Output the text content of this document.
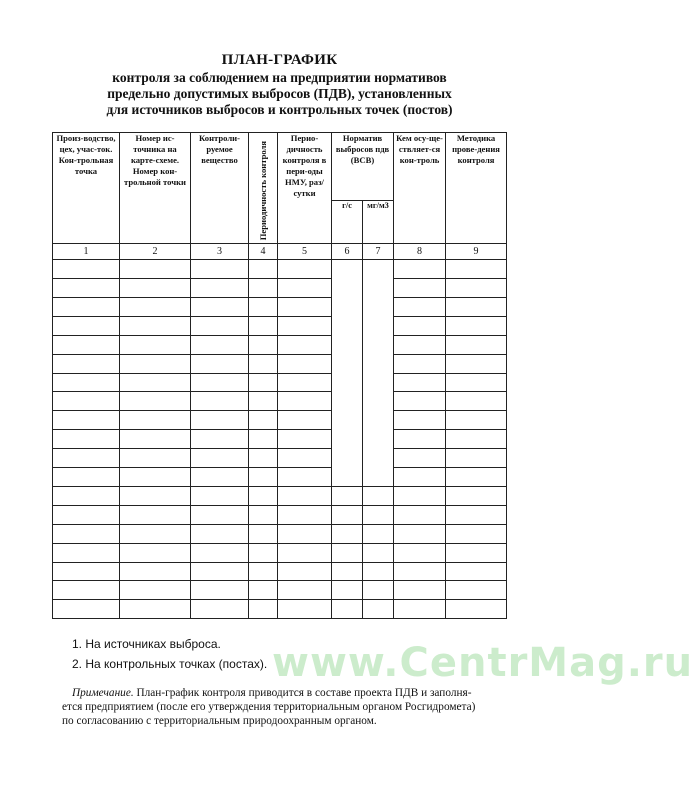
ПЛАН-ГРАФИК
контроля за соблюдением на предприятии нормативов
предельно допустимых выбросов (ПДВ), установленных
для источников выбросов и контрольных точек (постов)
Произ-водство, цех, учас-ток. Кон-трольная точка	Номер ис-точника на карте-схеме. Номер кон-трольной точки	Контроли-руемое вещество	Периодичность контроля	Перио-дичность контроля в пери-оды НМУ, раз/сутки	Норматив выбросов пдв (ВСВ)		Кем осу-ще-ствляет-ся кон-троль	Методика прове-дения контроля
					г/с	мг/м3		
1	2	3	4	5	6	7	8	9

1. На источниках выброса.
2. На контрольных точках (постах). www.CentrMag.ru
Примечание. План-график контроля приводится в составе проекта ПДВ и заполня-
ется предприятием (после его утверждения территориальным органом Росгидромета)
по согласованию с территориальным природоохранным органом.
